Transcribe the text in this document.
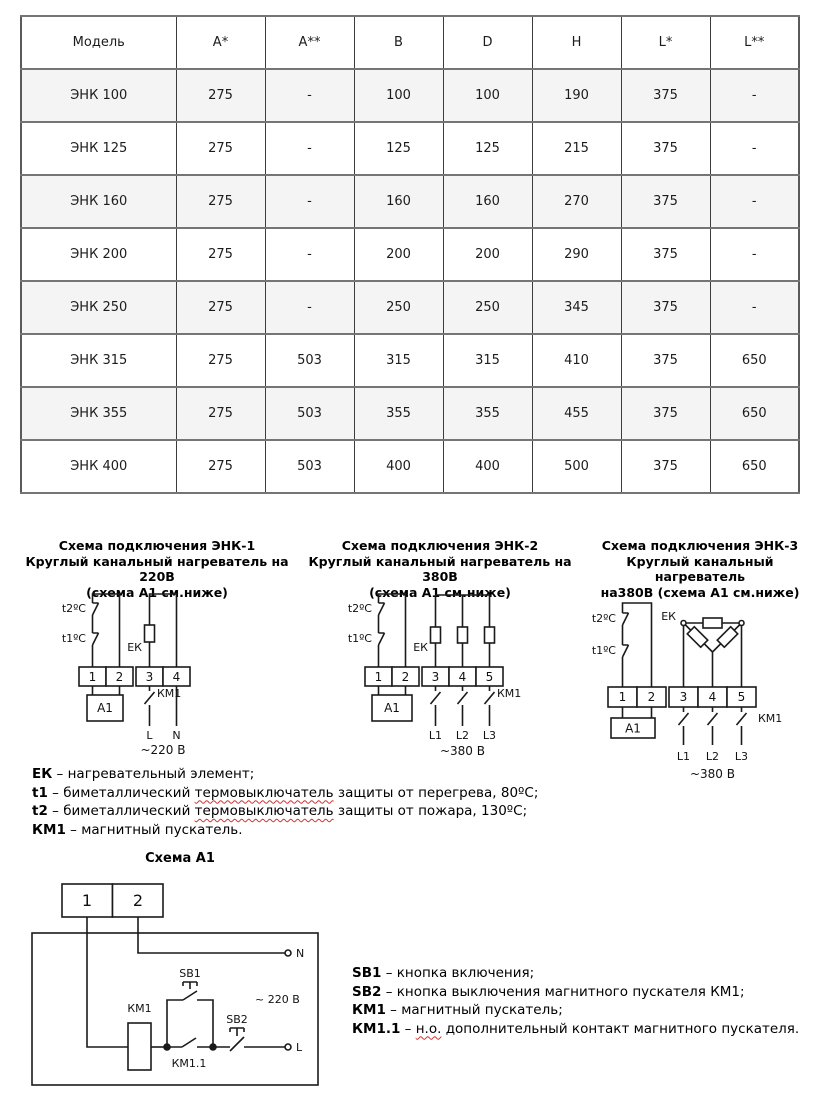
Модель	A*	A**	B	D	H	L*	L**
ЭНК 100	275	-	100	100	190	375	-
ЭНК 125	275	-	125	125	215	375	-
ЭНК 160	275	-	160	160	270	375	-
ЭНК 200	275	-	200	200	290	375	-
ЭНК 250	275	-	250	250	345	375	-
ЭНК 315	275	503	315	315	410	375	650
ЭНК 355	275	503	355	355	455	375	650
ЭНК 400	275	503	400	400	500	375	650
Схема подключения ЭНК-1
Круглый канальный нагреватель на 220В
(схема А1 см.ниже)
Схема подключения ЭНК-2
Круглый канальный нагреватель на 380В
(схема А1 см.ниже)
Схема подключения ЭНК-3
Круглый канальный нагреватель
на380В (схема А1 см.ниже)
1 2 3 4
А1
t2ºС
t1ºС
ЕК
КМ1
L N
~220 В
1 2 3 4 5
А1
t2ºС
t1ºС
ЕК
КМ1
L1 L2 L3
~380 В
1 2 3 4 5
А1
t2ºС
t1ºС
ЕК
КМ1
L1 L2 L3
~380 В
ЕК – нагревательный элемент;
t1 – биметаллический термовыключатель защиты от перегрева, 80ºС;
t2 – биметаллический термовыключатель защиты от пожара, 130ºС;
КМ1 – магнитный пускатель.
Схема А1
1	2
N
L
КМ1
КМ1.1
SB1
SB2
~ 220 В
SB1 – кнопка включения;
SB2 – кнопка выключения магнитного пускателя КМ1;
КМ1 – магнитный пускатель;
КМ1.1 – н.о. дополнительный контакт магнитного пускателя.
